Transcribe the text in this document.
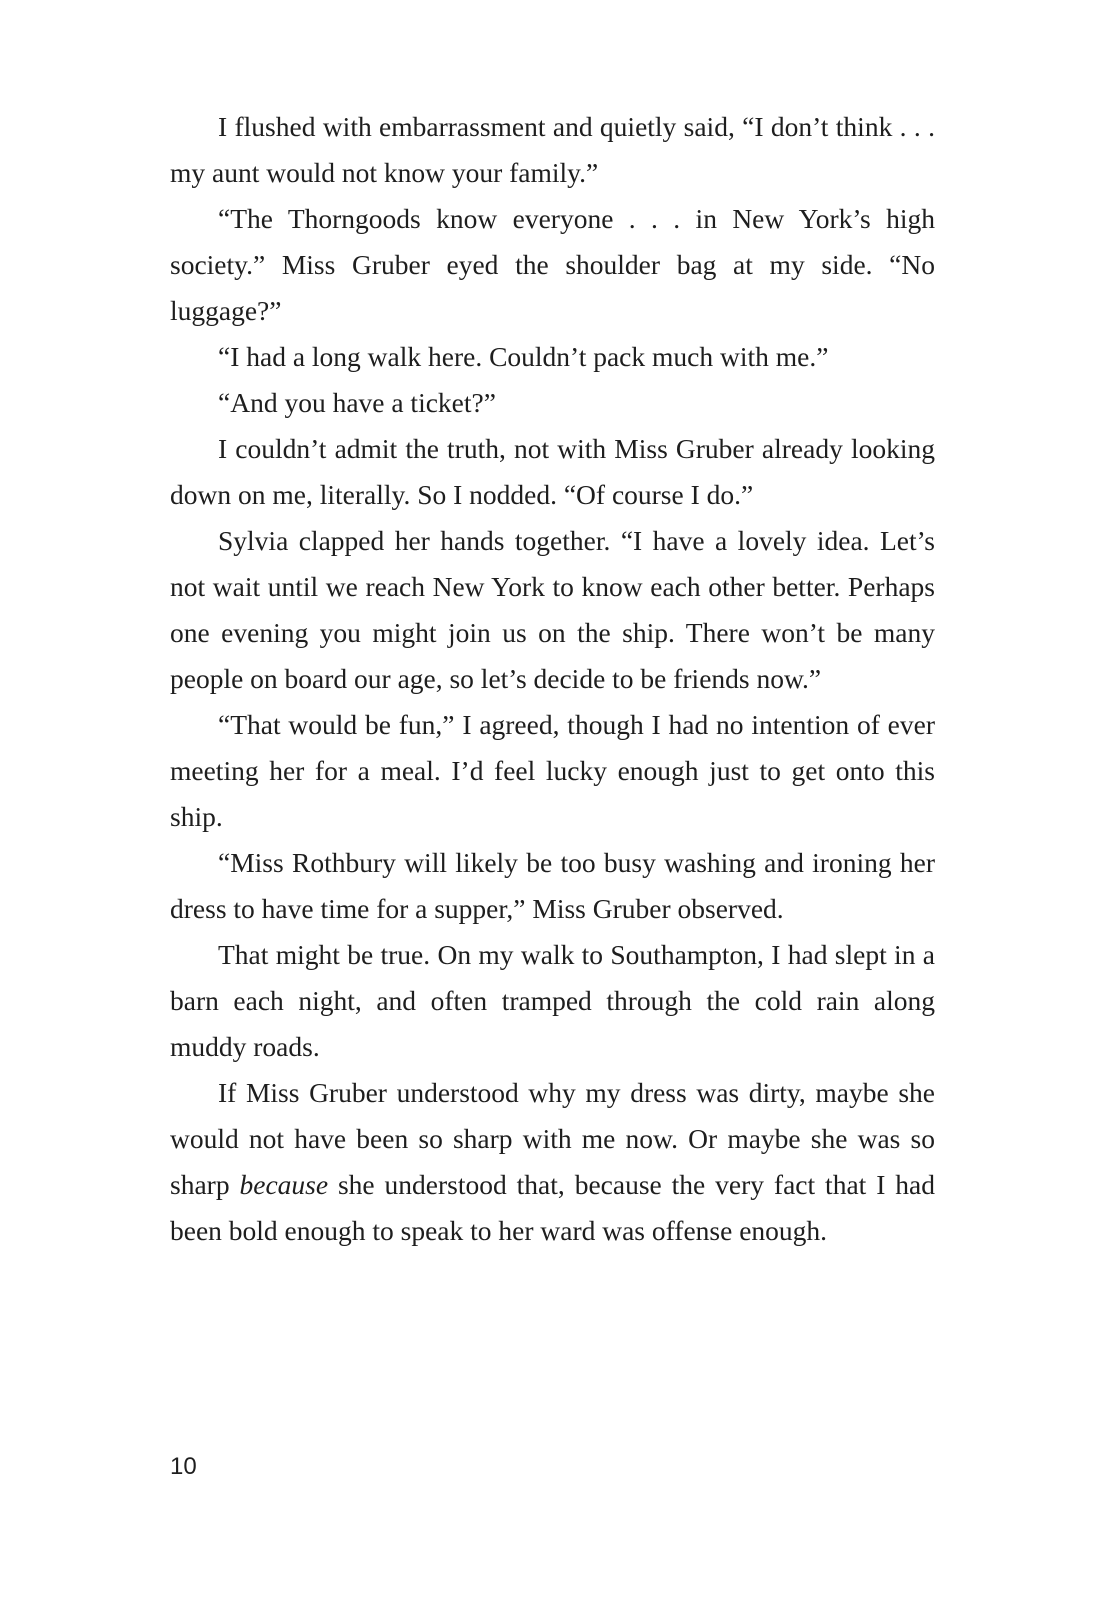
I flushed with embarrassment and quietly said, “I don’t think . . . my aunt would not know your family.”

“The Thorngoods know everyone . . . in New York’s high society.” Miss Gruber eyed the shoulder bag at my side. “No luggage?”

“I had a long walk here. Couldn’t pack much with me.”

“And you have a ticket?”

I couldn’t admit the truth, not with Miss Gruber already looking down on me, literally. So I nodded. “Of course I do.”

Sylvia clapped her hands together. “I have a lovely idea. Let’s not wait until we reach New York to know each other better. Perhaps one evening you might join us on the ship. There won’t be many people on board our age, so let’s decide to be friends now.”

“That would be fun,” I agreed, though I had no intention of ever meeting her for a meal. I’d feel lucky enough just to get onto this ship.

“Miss Rothbury will likely be too busy washing and ironing her dress to have time for a supper,” Miss Gruber observed.

That might be true. On my walk to Southampton, I had slept in a barn each night, and often tramped through the cold rain along muddy roads.

If Miss Gruber understood why my dress was dirty, maybe she would not have been so sharp with me now. Or maybe she was so sharp because she understood that, because the very fact that I had been bold enough to speak to her ward was offense enough.

10
